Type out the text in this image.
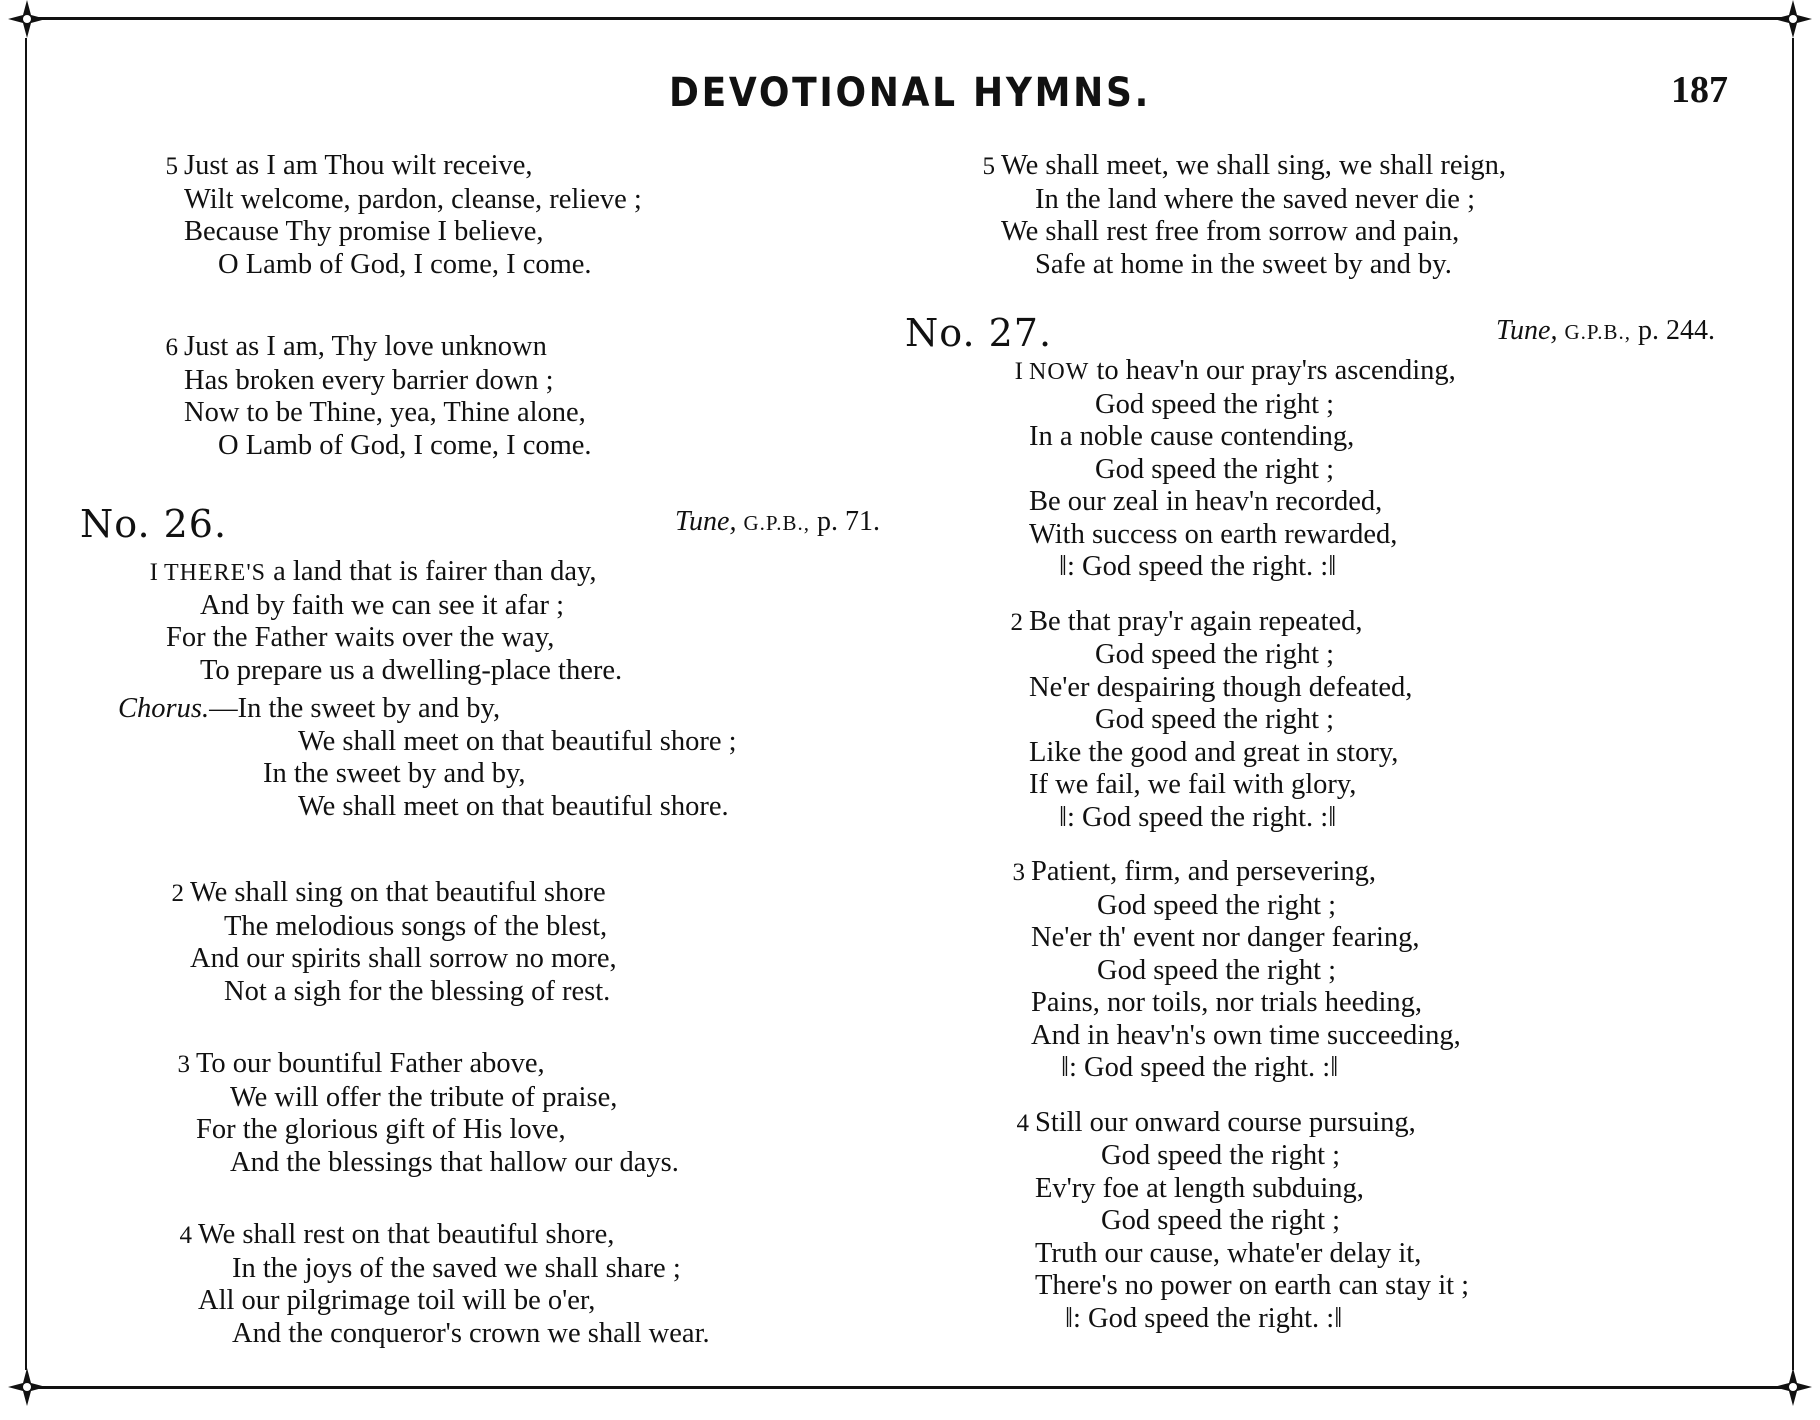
DEVOTIONAL HYMNS.	187
5 Just as I am Thou wilt receive,
Wilt welcome, pardon, cleanse, relieve ;
Because Thy promise I believe,
O Lamb of God, I come, I come.
6 Just as I am, Thy love unknown
Has broken every barrier down ;
Now to be Thine, yea, Thine alone,
O Lamb of God, I come, I come.
No. 26.	Tune, G.P.B., p. 71.
I THERE'S a land that is fairer than day,
And by faith we can see it afar ;
For the Father waits over the way,
To prepare us a dwelling-place there.
Chorus.—In the sweet by and by,
We shall meet on that beautiful shore ;
In the sweet by and by,
We shall meet on that beautiful shore.
2 We shall sing on that beautiful shore
The melodious songs of the blest,
And our spirits shall sorrow no more,
Not a sigh for the blessing of rest.
3 To our bountiful Father above,
We will offer the tribute of praise,
For the glorious gift of His love,
And the blessings that hallow our days.
4 We shall rest on that beautiful shore,
In the joys of the saved we shall share ;
All our pilgrimage toil will be o'er,
And the conqueror's crown we shall wear.
5 We shall meet, we shall sing, we shall reign,
In the land where the saved never die ;
We shall rest free from sorrow and pain,
Safe at home in the sweet by and by.
No. 27.	Tune, G.P.B., p. 244.
I NOW to heav'n our pray'rs ascending,
God speed the right ;
In a noble cause contending,
God speed the right ;
Be our zeal in heav'n recorded,
With success on earth rewarded,
‖: God speed the right. :‖
2 Be that pray'r again repeated,
God speed the right ;
Ne'er despairing though defeated,
God speed the right ;
Like the good and great in story,
If we fail, we fail with glory,
‖: God speed the right. :‖
3 Patient, firm, and persevering,
God speed the right ;
Ne'er th' event nor danger fearing,
God speed the right ;
Pains, nor toils, nor trials heeding,
And in heav'n's own time succeeding,
‖: God speed the right. :‖
4 Still our onward course pursuing,
God speed the right ;
Ev'ry foe at length subduing,
God speed the right ;
Truth our cause, whate'er delay it,
There's no power on earth can stay it ;
‖: God speed the right. :‖
